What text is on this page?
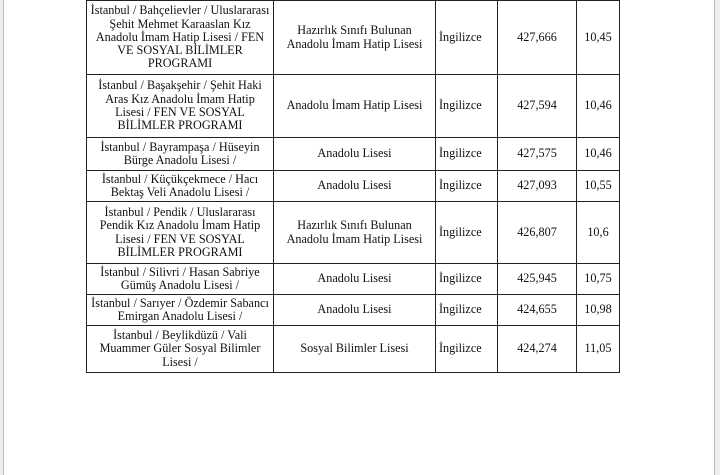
İstanbul / Bahçelievler / Uluslararası Şehit Mehmet Karaaslan Kız Anadolu İmam Hatip Lisesi / FEN VE SOSYAL BİLİMLER PROGRAMI	Hazırlık Sınıfı Bulunan Anadolu İmam Hatip Lisesi	İngilizce	427,666	10,45
İstanbul / Başakşehir / Şehit Haki Aras Kız Anadolu İmam Hatip Lisesi / FEN VE SOSYAL BİLİMLER PROGRAMI	Anadolu İmam Hatip Lisesi	İngilizce	427,594	10,46
İstanbul / Bayrampaşa / Hüseyin Bürge Anadolu Lisesi /	Anadolu Lisesi	İngilizce	427,575	10,46
İstanbul / Küçükçekmece / Hacı Bektaş Veli Anadolu Lisesi /	Anadolu Lisesi	İngilizce	427,093	10,55
İstanbul / Pendik / Uluslararası Pendik Kız Anadolu İmam Hatip Lisesi / FEN VE SOSYAL BİLİMLER PROGRAMI	Hazırlık Sınıfı Bulunan Anadolu İmam Hatip Lisesi	İngilizce	426,807	10,6
İstanbul / Silivri / Hasan Sabriye Gümüş Anadolu Lisesi /	Anadolu Lisesi	İngilizce	425,945	10,75
İstanbul / Sarıyer / Özdemir Sabancı Emirgan Anadolu Lisesi /	Anadolu Lisesi	İngilizce	424,655	10,98
İstanbul / Beylikdüzü / Vali Muammer Güler Sosyal Bilimler Lisesi /	Sosyal Bilimler Lisesi	İngilizce	424,274	11,05
